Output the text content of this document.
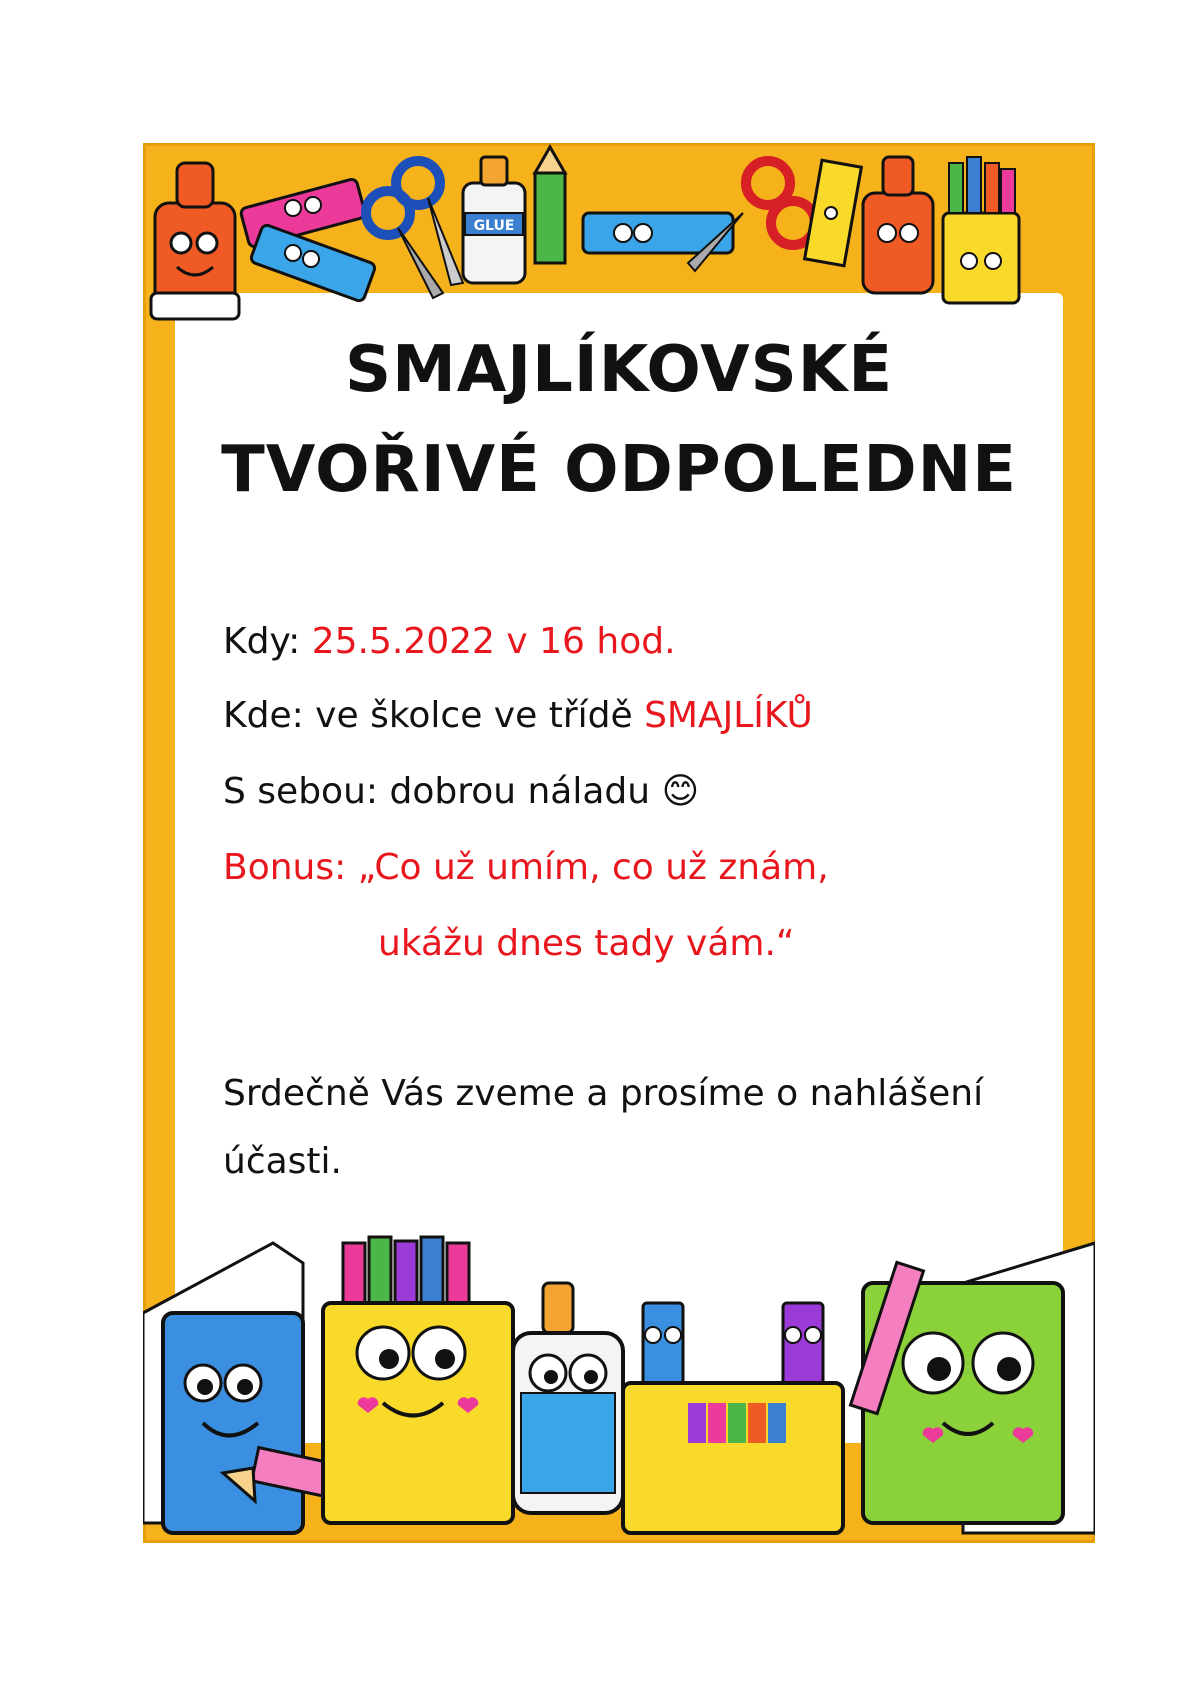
GLUE
SMAJLÍKOVSKÉ
TVOŘIVÉ ODPOLEDNE
Kdy: 25.5.2022 v 16 hod.
Kde: ve školce ve třídě SMAJLÍKŮ
S sebou: dobrou náladu 😊
Bonus: „Co už umím, co už znám,
ukážu dnes tady vám.“
Srdečně Vás zveme a prosíme o nahlášení
účasti.
